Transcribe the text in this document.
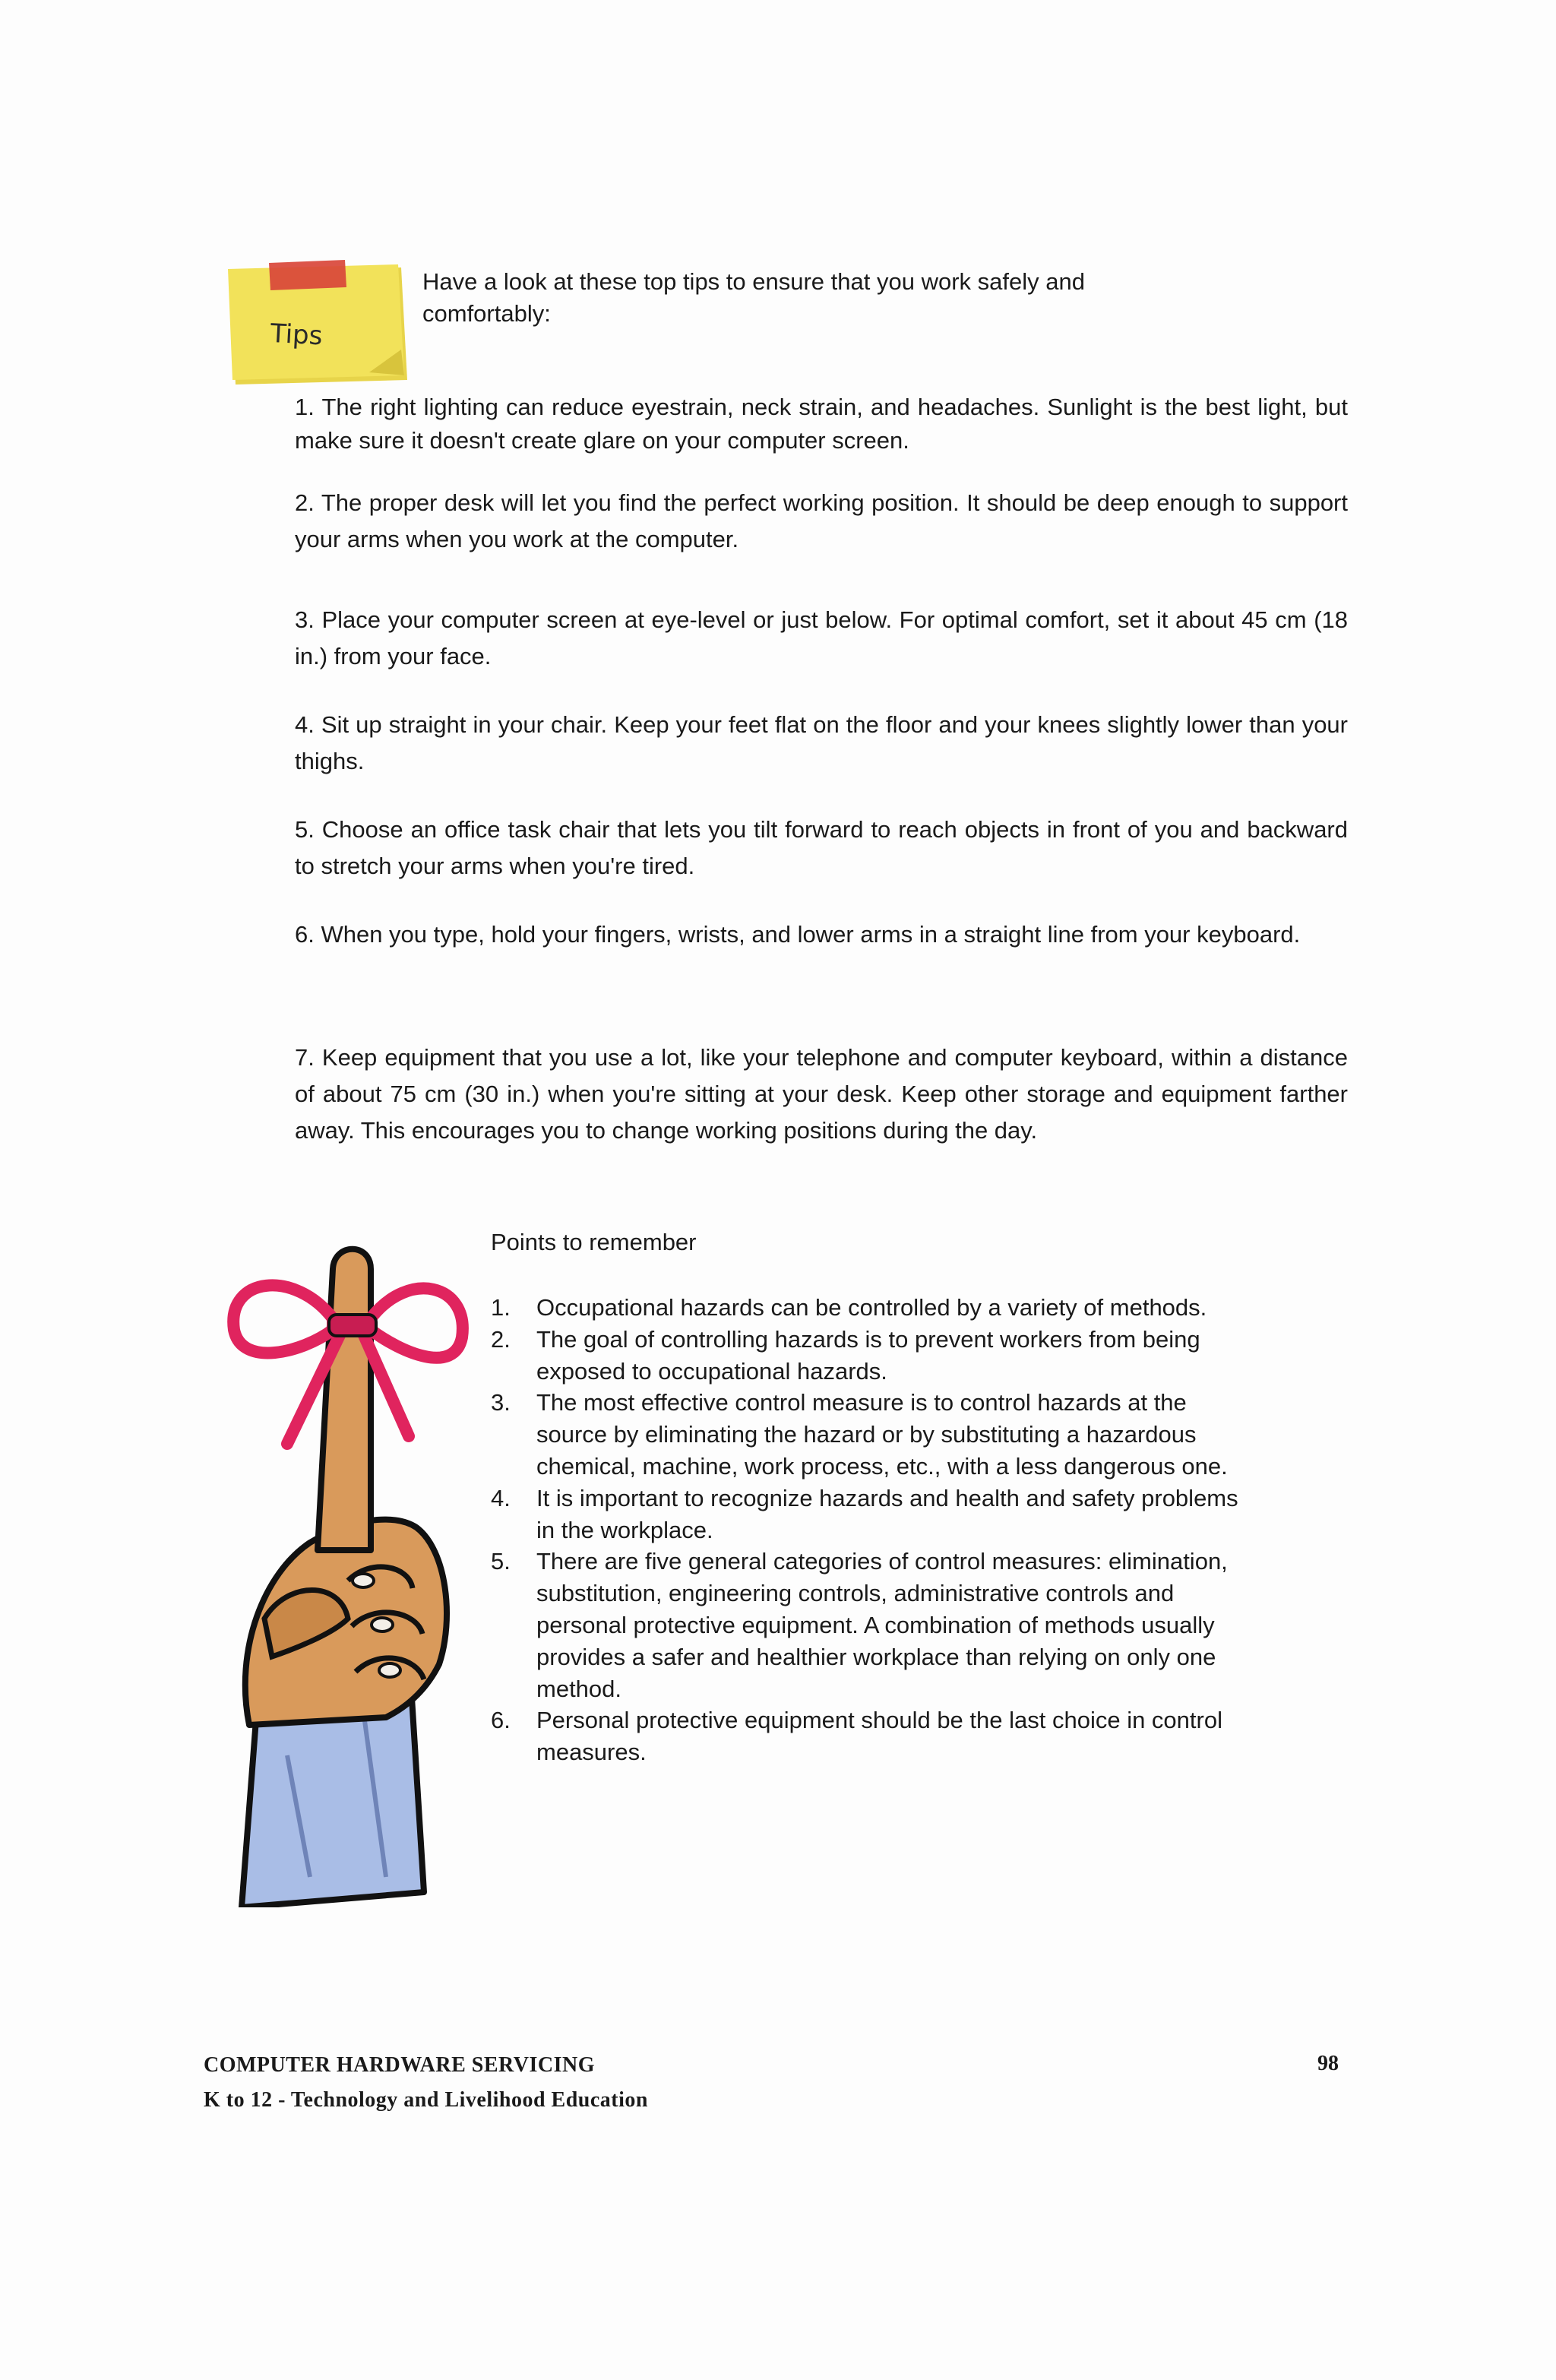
Tips

Have a look at these top tips to ensure that you work safely and comfortably:

1. The right lighting can reduce eyestrain, neck strain, and headaches. Sunlight is the best light, but make sure it doesn't create glare on your computer screen.

2. The proper desk will let you find the perfect working position. It should be deep enough to support your arms when you work at the computer.

3. Place your computer screen at eye-level or just below. For optimal comfort, set it about 45 cm (18 in.) from your face.

4. Sit up straight in your chair. Keep your feet flat on the floor and your knees slightly lower than your thighs.

5. Choose an office task chair that lets you tilt forward to reach objects in front of you and backward to stretch your arms when you're tired.

6. When you type, hold your fingers, wrists, and lower arms in a straight line from your keyboard.

7. Keep equipment that you use a lot, like your telephone and computer keyboard, within a distance of about 75 cm (30 in.) when you're sitting at your desk. Keep other storage and equipment farther away. This encourages you to change working positions during the day.

Points to remember

1. Occupational hazards can be controlled by a variety of methods.
2. The goal of controlling hazards is to prevent workers from being exposed to occupational hazards.
3. The most effective control measure is to control hazards at the source by eliminating the hazard or by substituting a hazardous chemical, machine, work process, etc., with a less dangerous one.
4. It is important to recognize hazards and health and safety problems in the workplace.
5. There are five general categories of control measures: elimination, substitution, engineering controls, administrative controls and personal protective equipment. A combination of methods usually provides a safer and healthier workplace than relying on only one method.
6. Personal protective equipment should be the last choice in control measures.

COMPUTER HARDWARE SERVICING

K to 12 - Technology and Livelihood Education

98
